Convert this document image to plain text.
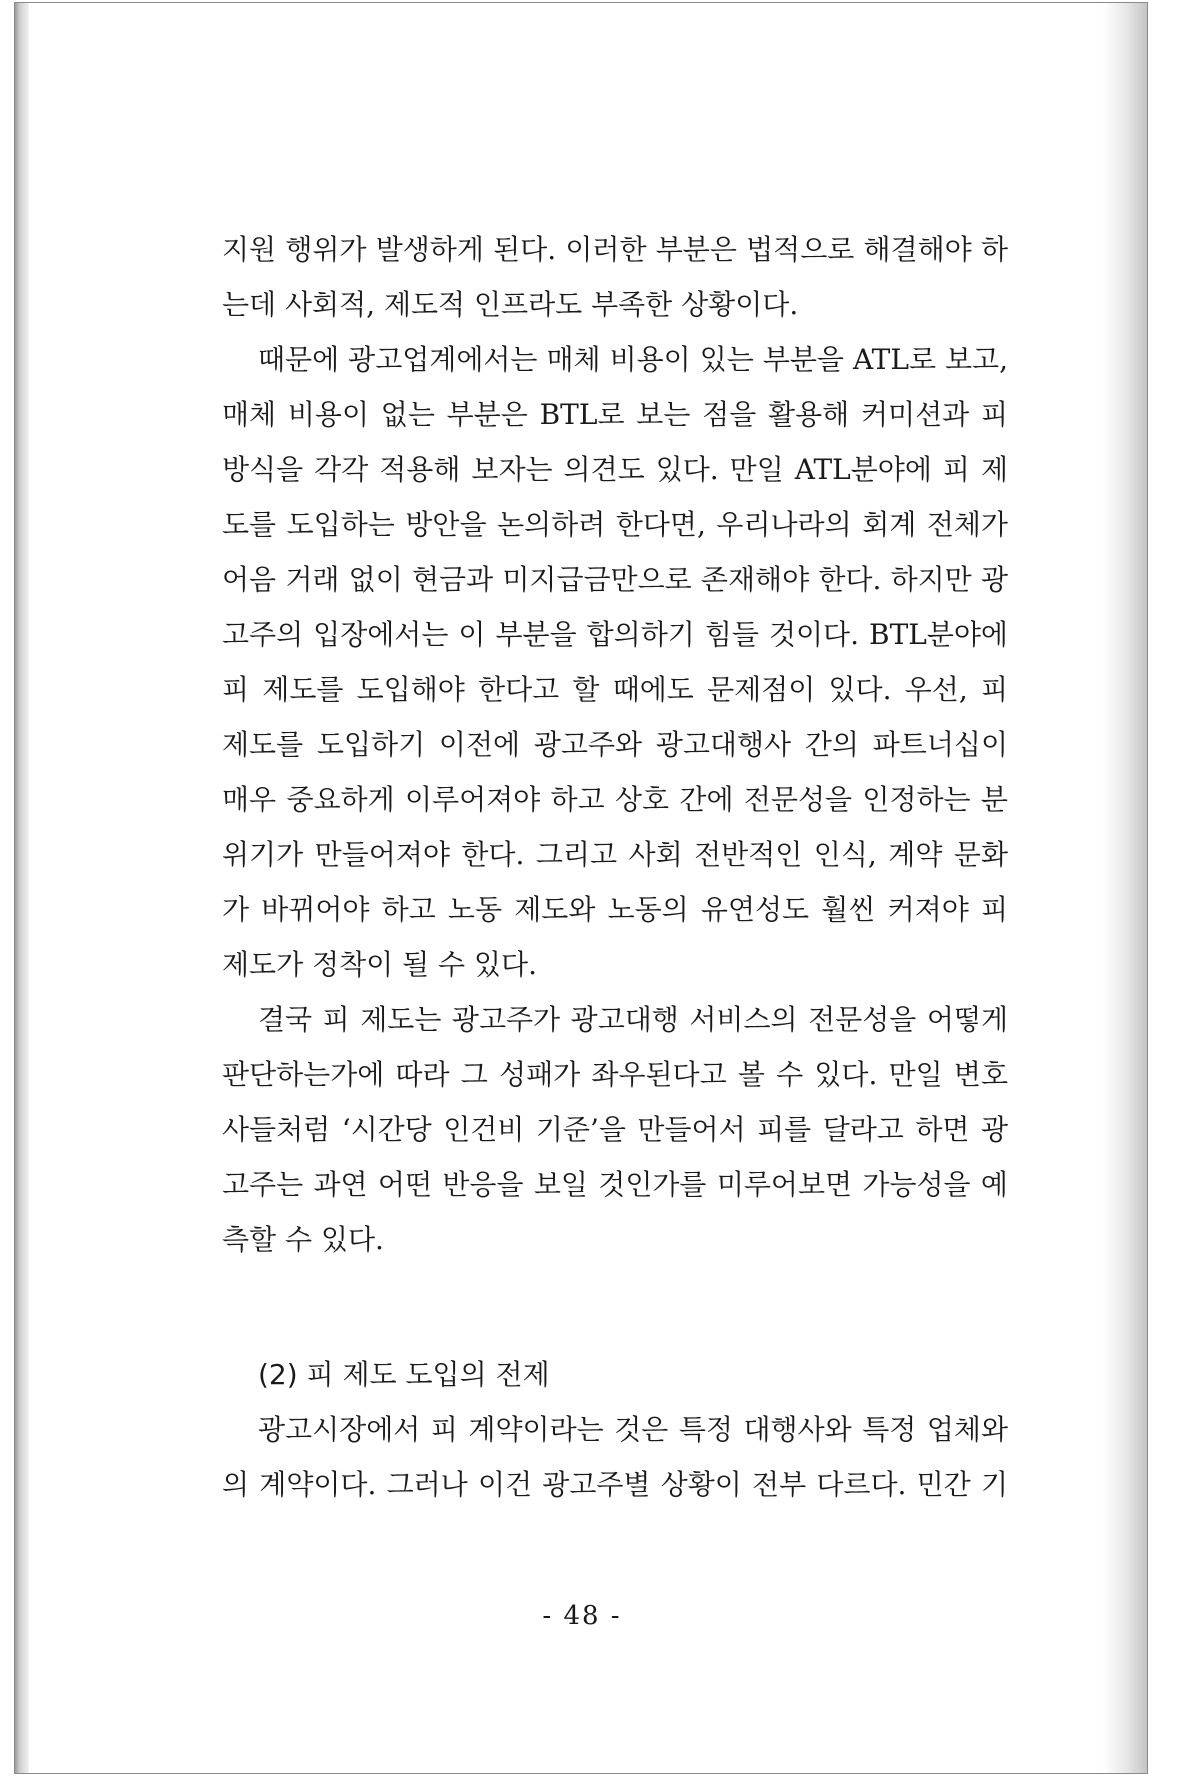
지원 행위가 발생하게 된다. 이러한 부분은 법적으로 해결해야 하
는데 사회적, 제도적 인프라도 부족한 상황이다.
때문에 광고업계에서는 매체 비용이 있는 부분을 ATL로 보고,
매체 비용이 없는 부분은 BTL로 보는 점을 활용해 커미션과 피
방식을 각각 적용해 보자는 의견도 있다. 만일 ATL분야에 피 제
도를 도입하는 방안을 논의하려 한다면, 우리나라의 회계 전체가
어음 거래 없이 현금과 미지급금만으로 존재해야 한다. 하지만 광
고주의 입장에서는 이 부분을 합의하기 힘들 것이다. BTL분야에
피 제도를 도입해야 한다고 할 때에도 문제점이 있다. 우선, 피
제도를 도입하기 이전에 광고주와 광고대행사 간의 파트너십이
매우 중요하게 이루어져야 하고 상호 간에 전문성을 인정하는 분
위기가 만들어져야 한다. 그리고 사회 전반적인 인식, 계약 문화
가 바뀌어야 하고 노동 제도와 노동의 유연성도 훨씬 커져야 피
제도가 정착이 될 수 있다.
결국 피 제도는 광고주가 광고대행 서비스의 전문성을 어떻게
판단하는가에 따라 그 성패가 좌우된다고 볼 수 있다. 만일 변호
사들처럼 ‘시간당 인건비 기준’을 만들어서 피를 달라고 하면 광
고주는 과연 어떤 반응을 보일 것인가를 미루어보면 가능성을 예
측할 수 있다.
(2) 피 제도 도입의 전제
광고시장에서 피 계약이라는 것은 특정 대행사와 특정 업체와
의 계약이다. 그러나 이건 광고주별 상황이 전부 다르다. 민간 기
- 48 -
